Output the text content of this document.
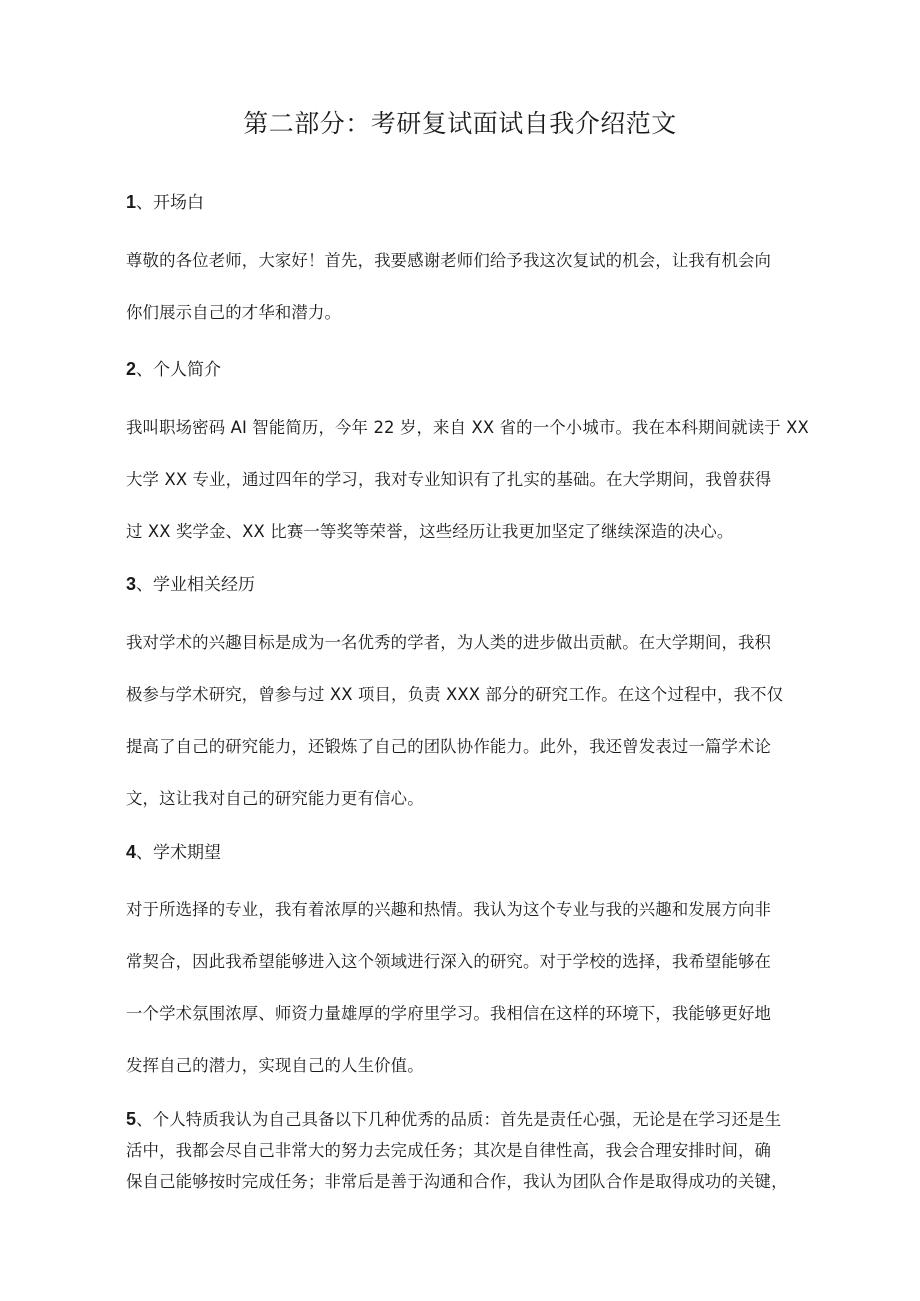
第二部分：考研复试面试自我介绍范文
1、开场白

尊敬的各位老师，大家好！首先，我要感谢老师们给予我这次复试的机会，让我有机会向
你们展示自己的才华和潜力。

2、个人简介

我叫职场密码 AI 智能简历，今年 22 岁，来自 XX 省的一个小城市。我在本科期间就读于 XX
大学 XX 专业，通过四年的学习，我对专业知识有了扎实的基础。在大学期间，我曾获得
过 XX 奖学金、XX 比赛一等奖等荣誉，这些经历让我更加坚定了继续深造的决心。

3、学业相关经历

我对学术的兴趣目标是成为一名优秀的学者，为人类的进步做出贡献。在大学期间，我积
极参与学术研究，曾参与过 XX 项目，负责 XXX 部分的研究工作。在这个过程中，我不仅
提高了自己的研究能力，还锻炼了自己的团队协作能力。此外，我还曾发表过一篇学术论
文，这让我对自己的研究能力更有信心。

4、学术期望

对于所选择的专业，我有着浓厚的兴趣和热情。我认为这个专业与我的兴趣和发展方向非
常契合，因此我希望能够进入这个领域进行深入的研究。对于学校的选择，我希望能够在
一个学术氛围浓厚、师资力量雄厚的学府里学习。我相信在这样的环境下，我能够更好地
发挥自己的潜力，实现自己的人生价值。

5、个人特质我认为自己具备以下几种优秀的品质：首先是责任心强，无论是在学习还是生
活中，我都会尽自己非常大的努力去完成任务；其次是自律性高，我会合理安排时间，确
保自己能够按时完成任务；非常后是善于沟通和合作，我认为团队合作是取得成功的关键，
